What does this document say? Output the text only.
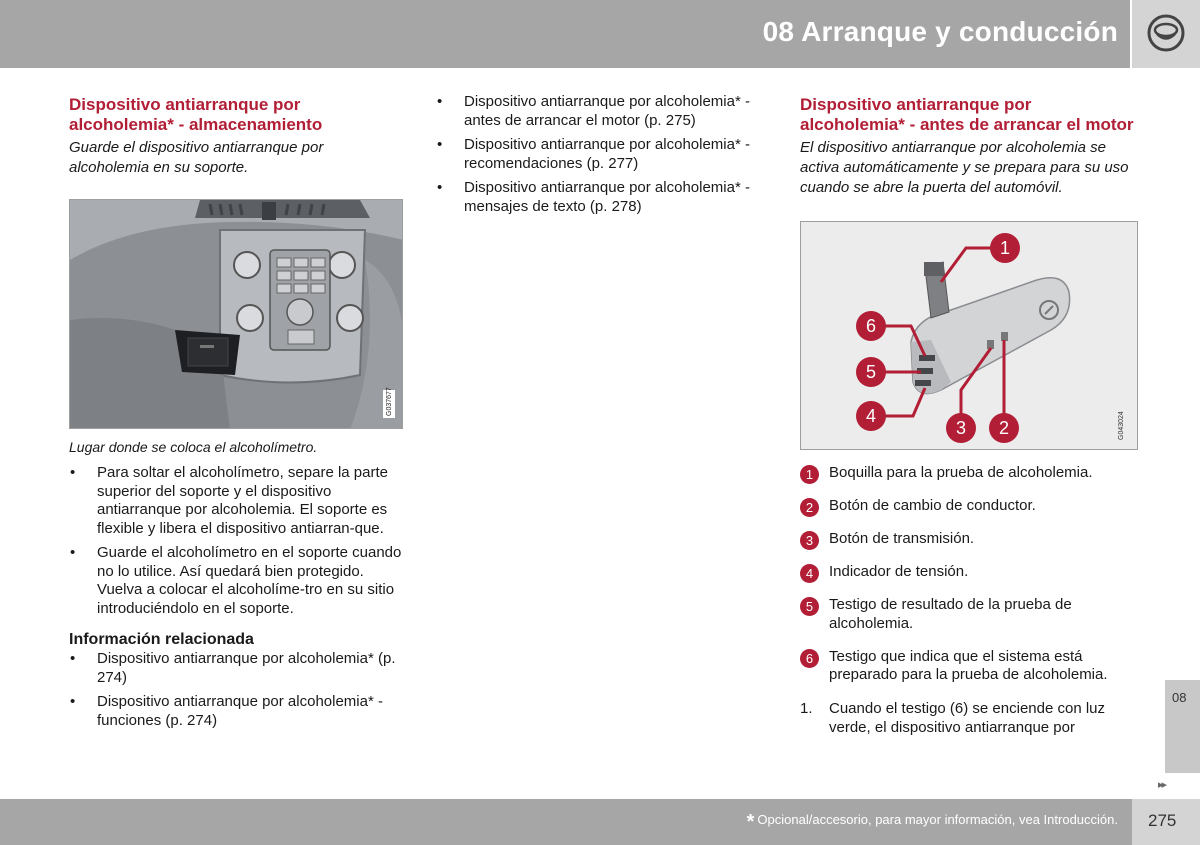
08 Arranque y conducción
Dispositivo antiarranque por alcoholemia* - almacenamiento

Guarde el dispositivo antiarranque por alcoholemia en su soporte.

G037677

Lugar donde se coloca el alcoholímetro.

• Para soltar el alcoholímetro, separe la parte superior del soporte y el dispositivo antiarranque por alcoholemia. El soporte es flexible y libera el dispositivo antiarran-que.
• Guarde el alcoholímetro en el soporte cuando no lo utilice. Así quedará bien protegido. Vuelva a colocar el alcoholíme-tro en su sitio introduciéndolo en el soporte.
Información relacionada
• Dispositivo antiarranque por alcoholemia* (p. 274)
• Dispositivo antiarranque por alcoholemia* - funciones (p. 274)
• Dispositivo antiarranque por alcoholemia* - antes de arrancar el motor (p. 275)
• Dispositivo antiarranque por alcoholemia* - recomendaciones (p. 277)
• Dispositivo antiarranque por alcoholemia* - mensajes de texto (p. 278)
Dispositivo antiarranque por alcoholemia* - antes de arrancar el motor

El dispositivo antiarranque por alcoholemia se activa automáticamente y se prepara para su uso cuando se abre la puerta del automóvil.

1
6
5
4
3 2	G043024
1 Boquilla para la prueba de alcoholemia.
2 Botón de cambio de conductor.
3 Botón de transmisión.
4 Indicador de tensión.
5 Testigo de resultado de la prueba de alcoholemia.
6 Testigo que indica que el sistema está preparado para la prueba de alcoholemia.
1. Cuando el testigo (6) se enciende con luz verde, el dispositivo antiarranque por
08
▸▸
* Opcional/accesorio, para mayor información, vea Introducción. 275
